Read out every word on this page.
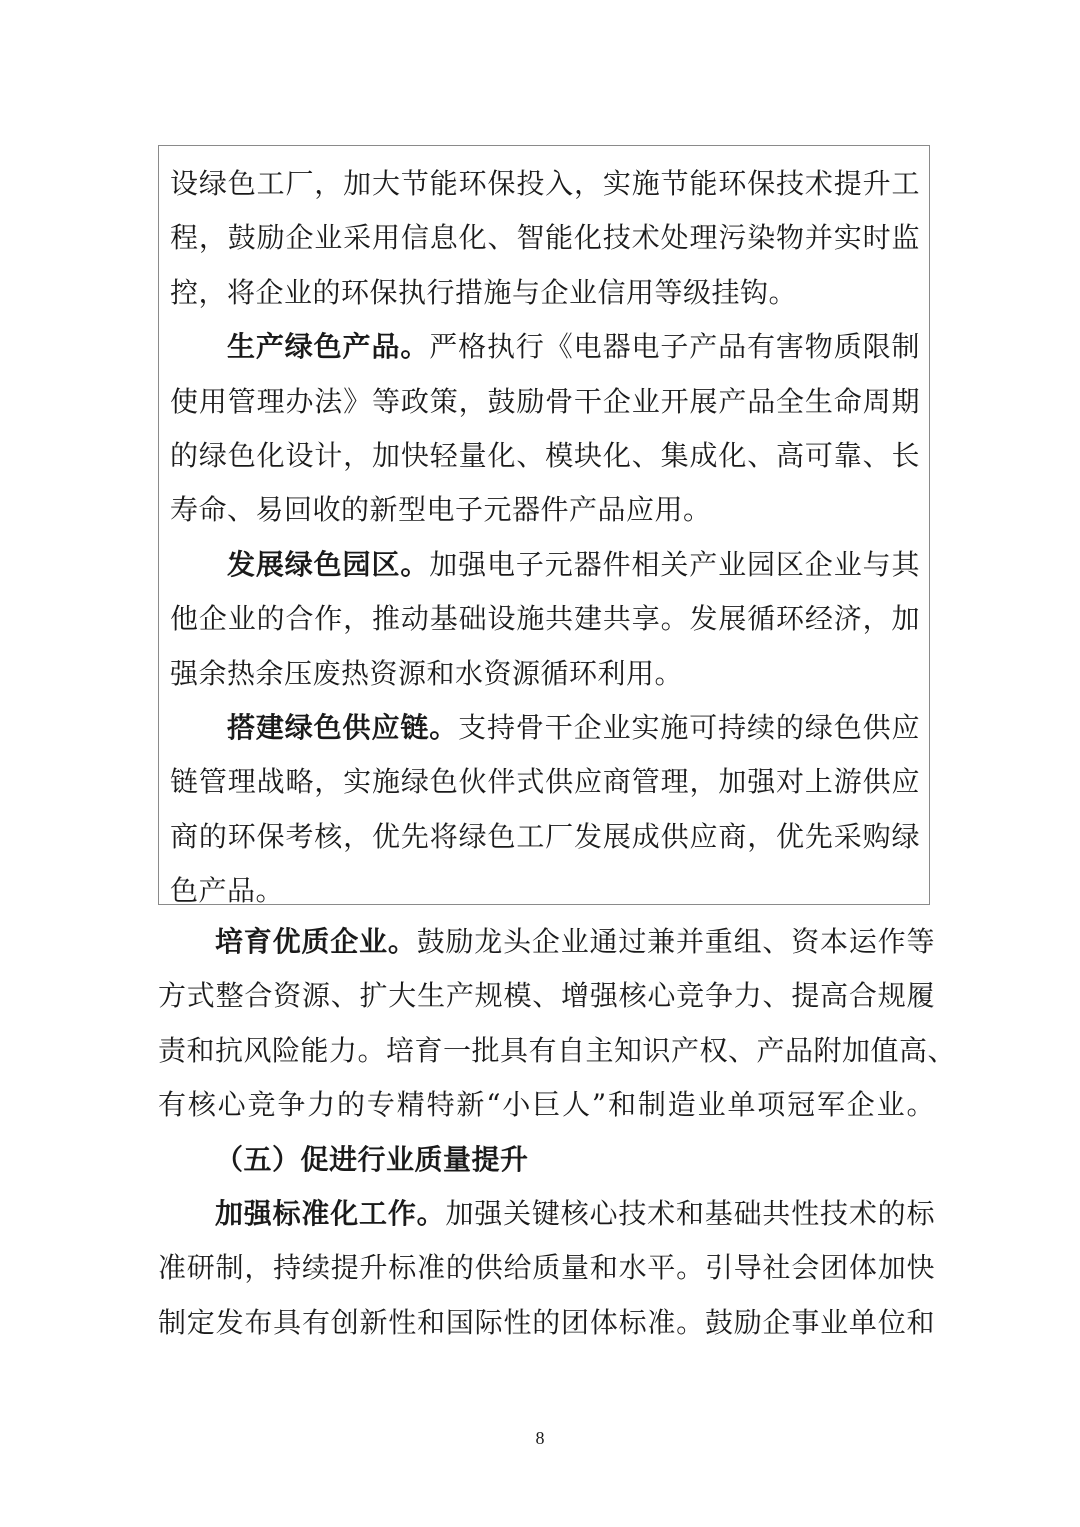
设绿色工厂，加大节能环保投入，实施节能环保技术提升工
程，鼓励企业采用信息化、智能化技术处理污染物并实时监
控，将企业的环保执行措施与企业信用等级挂钩。
生产绿色产品。严格执行《电器电子产品有害物质限制
使用管理办法》等政策，鼓励骨干企业开展产品全生命周期
的绿色化设计，加快轻量化、模块化、集成化、高可靠、长
寿命、易回收的新型电子元器件产品应用。
发展绿色园区。加强电子元器件相关产业园区企业与其
他企业的合作，推动基础设施共建共享。发展循环经济，加
强余热余压废热资源和水资源循环利用。
搭建绿色供应链。支持骨干企业实施可持续的绿色供应
链管理战略，实施绿色伙伴式供应商管理，加强对上游供应
商的环保考核，优先将绿色工厂发展成供应商，优先采购绿
色产品。
培育优质企业。鼓励龙头企业通过兼并重组、资本运作等
方式整合资源、扩大生产规模、增强核心竞争力、提高合规履
责和抗风险能力。培育一批具有自主知识产权、产品附加值高、
有核心竞争力的专精特新“小巨人”和制造业单项冠军企业。
（五）促进行业质量提升
加强标准化工作。加强关键核心技术和基础共性技术的标
准研制，持续提升标准的供给质量和水平。引导社会团体加快
制定发布具有创新性和国际性的团体标准。鼓励企事业单位和
8
